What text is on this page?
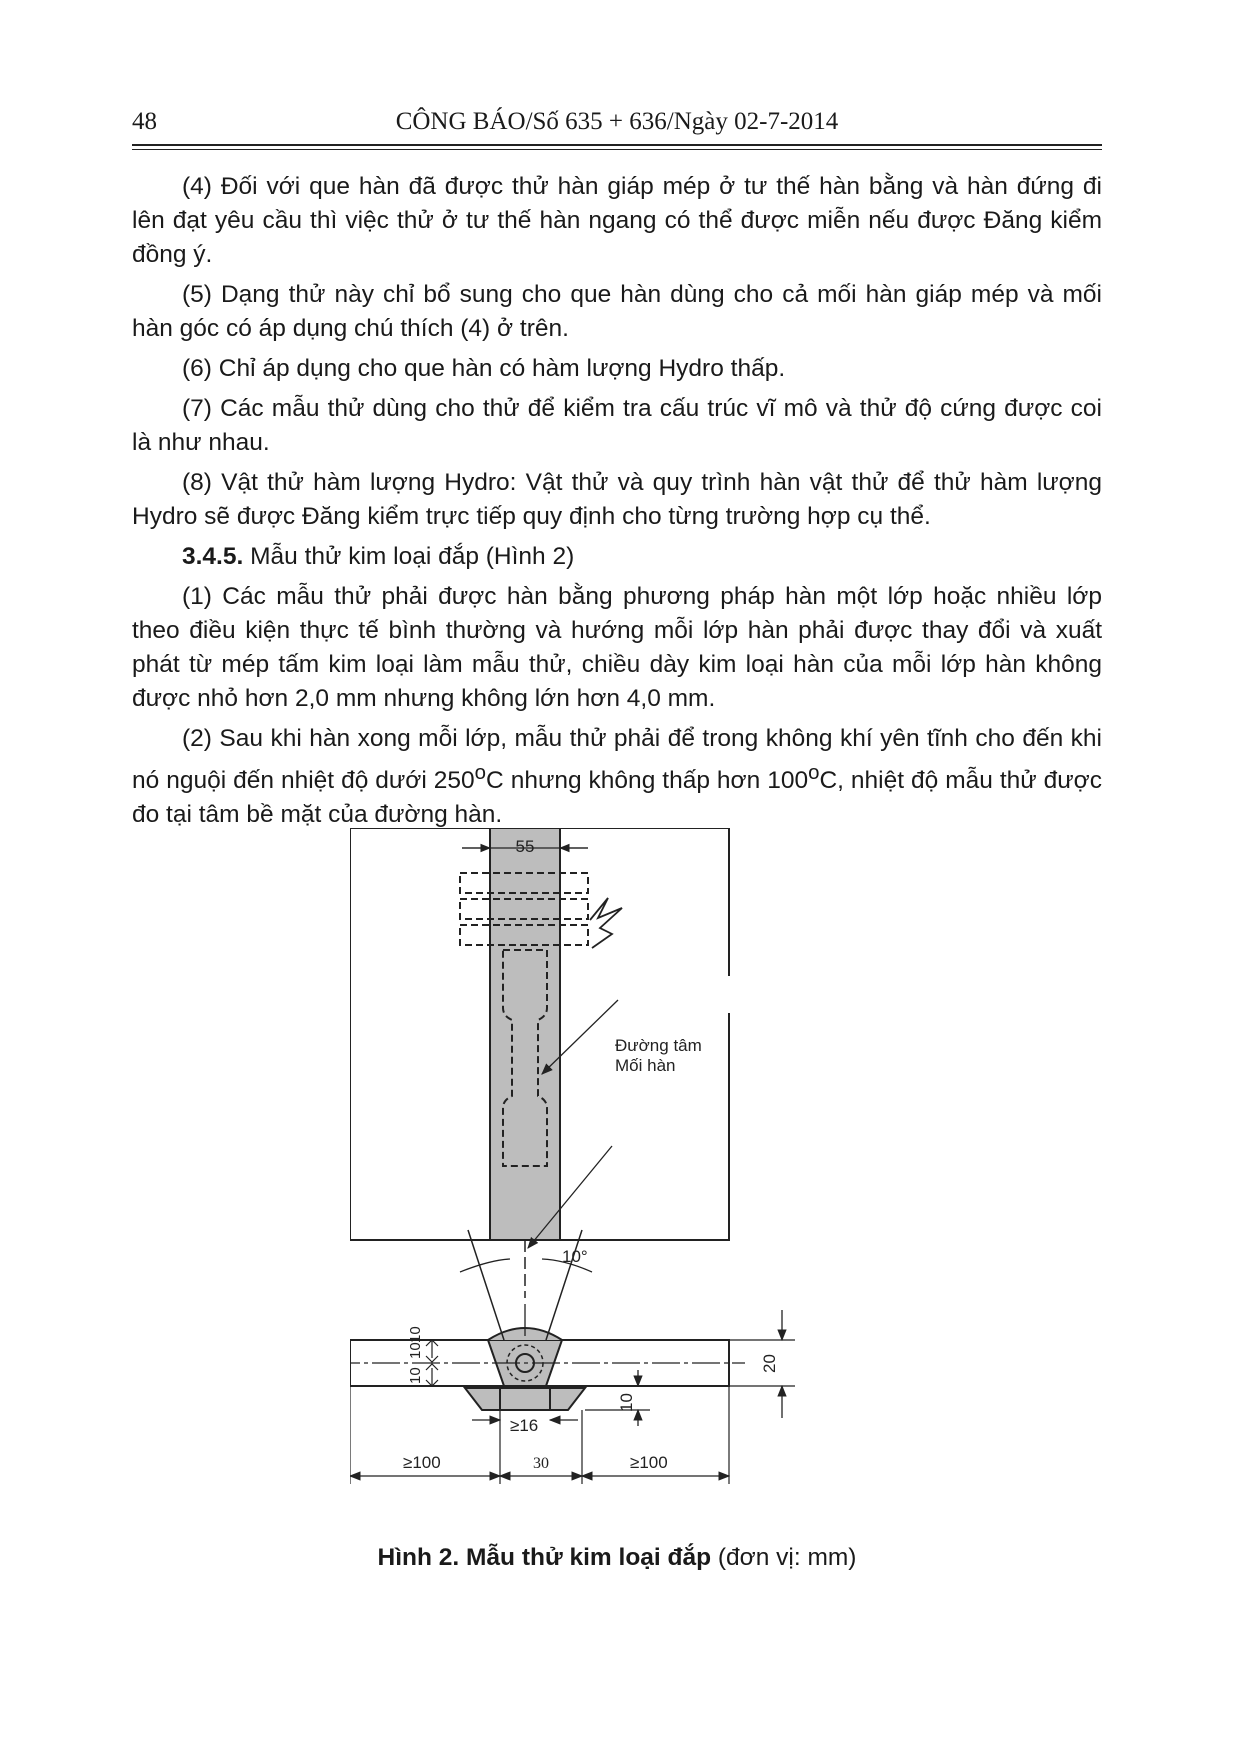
48	CÔNG BÁO/Số 635 + 636/Ngày 02-7-2014

(4) Đối với que hàn đã được thử hàn giáp mép ở tư thế hàn bằng và hàn đứng đi lên đạt yêu cầu thì việc thử ở tư thế hàn ngang có thể được miễn nếu được Đăng kiểm đồng ý.

(5) Dạng thử này chỉ bổ sung cho que hàn dùng cho cả mối hàn giáp mép và mối hàn góc có áp dụng chú thích (4) ở trên.

(6) Chỉ áp dụng cho que hàn có hàm lượng Hydro thấp.

(7) Các mẫu thử dùng cho thử để kiểm tra cấu trúc vĩ mô và thử độ cứng được coi là như nhau.

(8) Vật thử hàm lượng Hydro: Vật thử và quy trình hàn vật thử để thử hàm lượng Hydro sẽ được Đăng kiểm trực tiếp quy định cho từng trường hợp cụ thể.

3.4.5. Mẫu thử kim loại đắp (Hình 2)

(1) Các mẫu thử phải được hàn bằng phương pháp hàn một lớp hoặc nhiều lớp theo điều kiện thực tế bình thường và hướng mỗi lớp hàn phải được thay đổi và xuất phát từ mép tấm kim loại làm mẫu thử, chiều dày kim loại hàn của mỗi lớp hàn không được nhỏ hơn 2,0 mm nhưng không lớn hơn 4,0 mm.

(2) Sau khi hàn xong mỗi lớp, mẫu thử phải để trong không khí yên tĩnh cho đến khi nó nguội đến nhiệt độ dưới 250$^o$C nhưng không thấp hơn 100$^o$C, nhiệt độ mẫu thử được đo tại tâm bề mặt của đường hàn.

55
Đường tâm
Mối hàn
10°
10
10
10
10
20
≥16
≥100	30	≥100
Hình 2. Mẫu thử kim loại đắp (đơn vị: mm)
